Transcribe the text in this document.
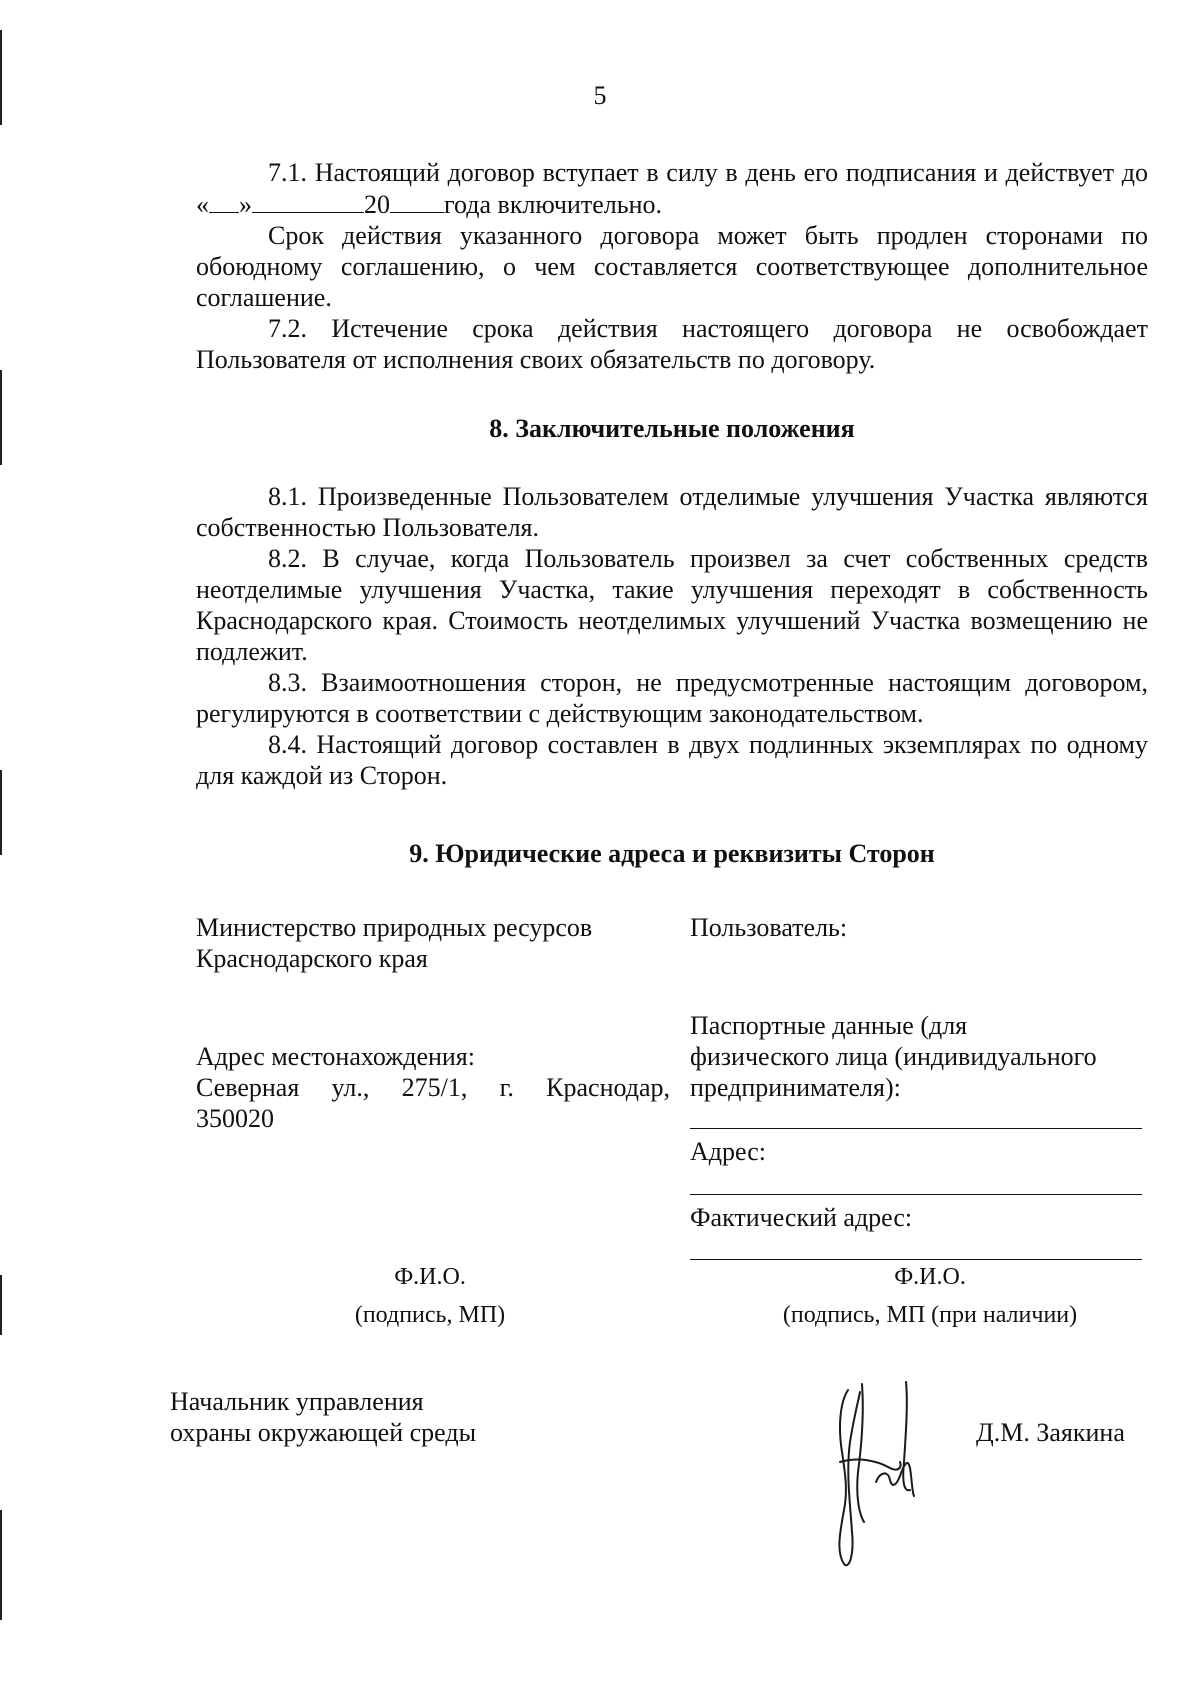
5

7.1. Настоящий договор вступает в силу в день его подписания и действует до « »	20 года включительно.

Срок действия указанного договора может быть продлен сторонами по обоюдному соглашению, о чем составляется соответствующее дополнительное соглашение.

7.2. Истечение срока действия настоящего договора не освобождает Пользователя от исполнения своих обязательств по договору.

8. Заключительные положения

8.1. Произведенные Пользователем отделимые улучшения Участка являются собственностью Пользователя.

8.2. В случае, когда Пользователь произвел за счет собственных средств неотделимые улучшения Участка, такие улучшения переходят в собственность Краснодарского края. Стоимость неотделимых улучшений Участка возмещению не подлежит.

8.3. Взаимоотношения сторон, не предусмотренные настоящим договором, регулируются в соответствии с действующим законодательством.

8.4. Настоящий договор составлен в двух подлинных экземплярах по одному для каждой из Сторон.

9. Юридические адреса и реквизиты Сторон

Министерство природных ресурсов

Краснодарского края

Пользователь:

Паспортные данные (для

физического лица (индивидуального

предпринимателя):

Адрес местонахождения:

Северная ул., 275/1, г. Краснодар,

350020

Адрес:

Фактический адрес:

Ф.И.О.

(подпись, МП)

Ф.И.О.

(подпись, МП (при наличии)

Начальник управления

охраны окружающей среды	Д.М. Заякина
